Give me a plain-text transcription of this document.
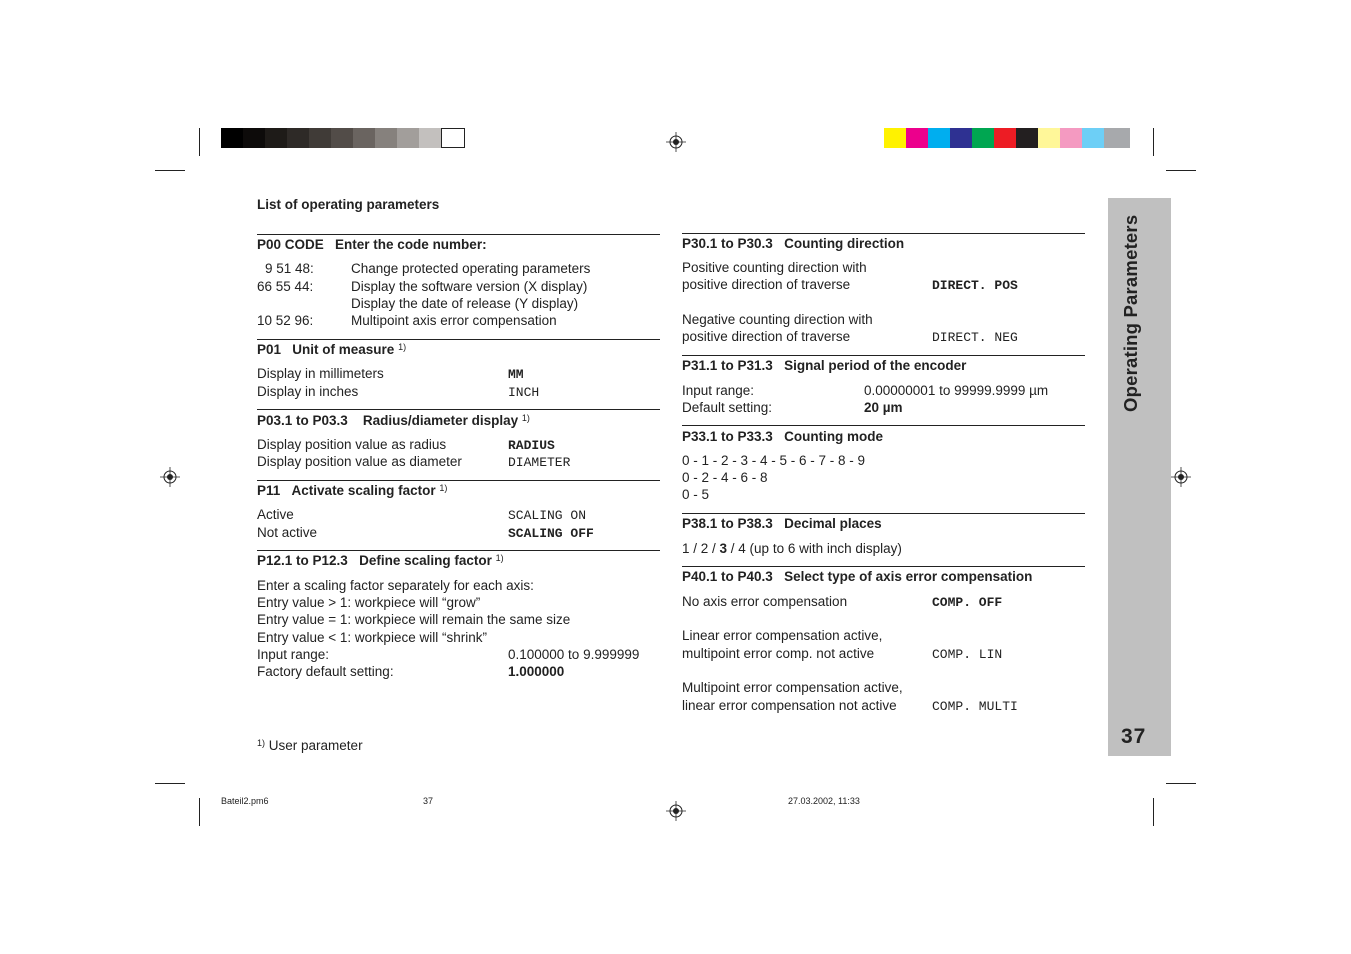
Operating Parameters
37
List of operating parameters
P00 CODE Enter the code number:
9 51 48:	Change protected operating parameters
66 55 44:	Display the software version (X display)
Display the date of release (Y display)
10 52 96:	Multipoint axis error compensation
P01 Unit of measure $^{1)}$
Display in millimeters	MM
Display in inches	INCH
P03.1 to P03.3 Radius/diameter display $^{1)}$
Display position value as radius	RADIUS
Display position value as diameter	DIAMETER
P11 Activate scaling factor $^{1)}$
Active	SCALING ON
Not active	SCALING OFF
P12.1 to P12.3 Define scaling factor $^{1)}$
Enter a scaling factor separately for each axis:
Entry value > 1: workpiece will “grow”
Entry value = 1: workpiece will remain the same size
Entry value < 1: workpiece will “shrink”
Input range:	0.100000 to 9.999999
Factory default setting:	1.000000
$^{1)}$ User parameter
P30.1 to P30.3 Counting direction
Positive counting direction with
positive direction of traverse	DIRECT. POS
Negative counting direction with
positive direction of traverse	DIRECT. NEG
P31.1 to P31.3 Signal period of the encoder
Input range:	0.00000001 to 99999.9999 µm
Default setting:	20 µm
P33.1 to P33.3 Counting mode
0 - 1 - 2 - 3 - 4 - 5 - 6 - 7 - 8 - 9
0 - 2 - 4 - 6 - 8
0 - 5
P38.1 to P38.3 Decimal places
1 / 2 / 3 / 4 (up to 6 with inch display)
P40.1 to P40.3 Select type of axis error compensation
No axis error compensation	COMP. OFF
Linear error compensation active,
multipoint error comp. not active	COMP. LIN
Multipoint error compensation active,
linear error compensation not active	COMP. MULTI
Bateil2.pm6	37	27.03.2002, 11:33
